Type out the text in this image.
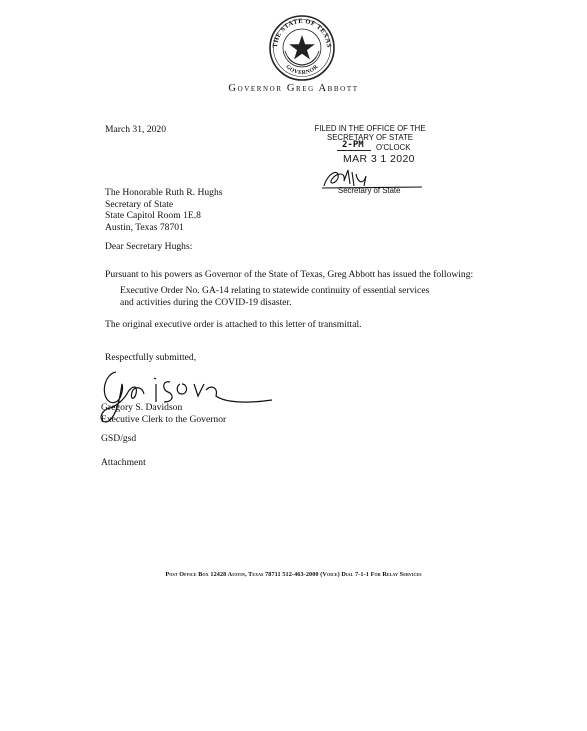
THE STATE OF TEXAS
GOVERNOR
Governor Greg Abbott
March 31, 2020	FILED IN THE OFFICE OF THE
SECRETARY OF STATE
2-PM O'CLOCK
MAR 3 1 2020
Secretary of State
The Honorable Ruth R. Hughs
Secretary of State
State Capitol Room 1E.8
Austin, Texas 78701
Dear Secretary Hughs:
Pursuant to his powers as Governor of the State of Texas, Greg Abbott has issued the following:
Executive Order No. GA-14 relating to statewide continuity of essential services
and activities during the COVID-19 disaster.
The original executive order is attached to this letter of transmittal.
Respectfully submitted,
Gregory S. Davidson
Executive Clerk to the Governor
GSD/gsd
Attachment
Post Office Box 12428 Austin, Texas 78711 512-463-2000 (Voice) Dial 7-1-1 For Relay Services
